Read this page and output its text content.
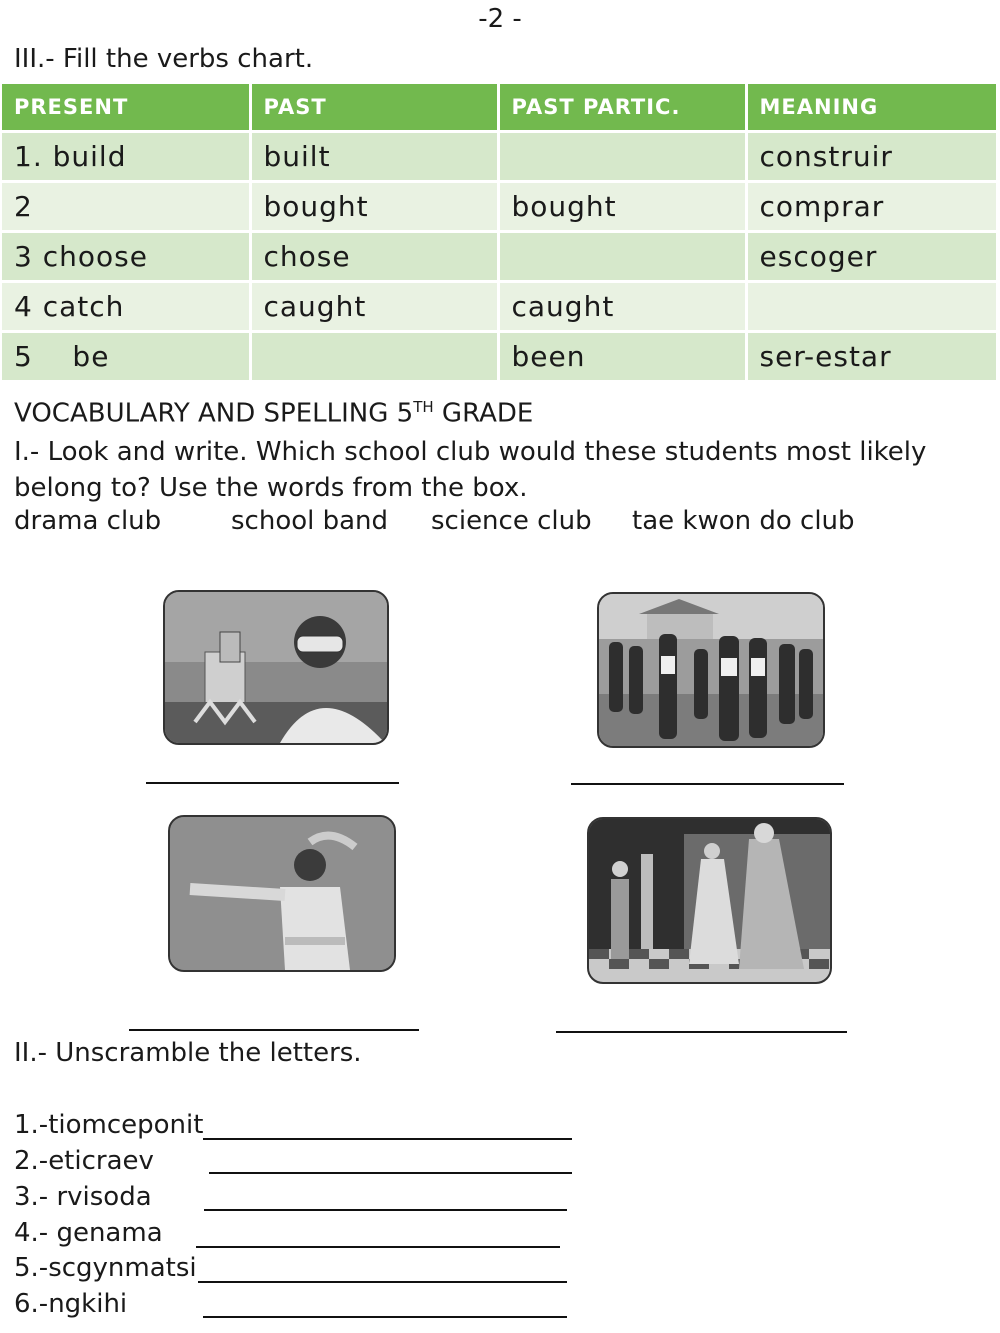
-2 -
III.- Fill the verbs chart.
PRESENT	PAST	PAST PARTIC.	MEANING
1. build	built		construir
2	bought	bought	comprar
3 choose	chose		escoger
4 catch	caught	caught	
5    be		been	ser-estar
VOCABULARY AND SPELLING 5TH GRADE
I.- Look and write. Which school club would these students most likely belong to? Use the words from the box.
drama club	school band science club tae kwon do club
II.- Unscramble the letters.
1.-tiomceponit
2.-eticraev
3.- rvisoda
4.- genama
5.-scgynmatsi
6.-ngkihi
